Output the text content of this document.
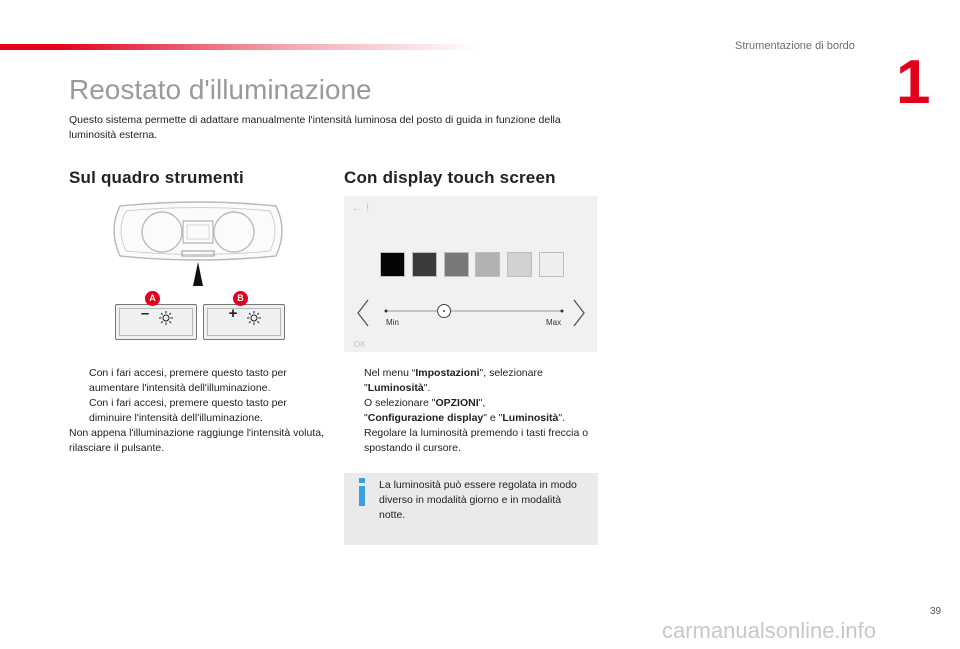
Strumentazione di bordo
1
Reostato d'illuminazione

Questo sistema permette di adattare manualmente l'intensità luminosa del posto di guida in funzione della luminosità esterna.

Sul quadro strumenti	Con display touch screen
A
–
B
+
← !
Min	Max
OK
Con i fari accesi, premere questo tasto per aumentare l'intensità dell'illuminazione.
Con i fari accesi, premere questo tasto per diminuire l'intensità dell'illuminazione.
Non appena l'illuminazione raggiunge l'intensità voluta, rilasciare il pulsante.
Nel menu “Impostazioni", selezionare "Luminosità".
O selezionare "OPZIONI",
"Configurazione display" e "Luminosità".
Regolare la luminosità premendo i tasti freccia o spostando il cursore.
La luminosità può essere regolata in modo diverso in modalità giorno e in modalità notte.
39
carmanualsonline.info
